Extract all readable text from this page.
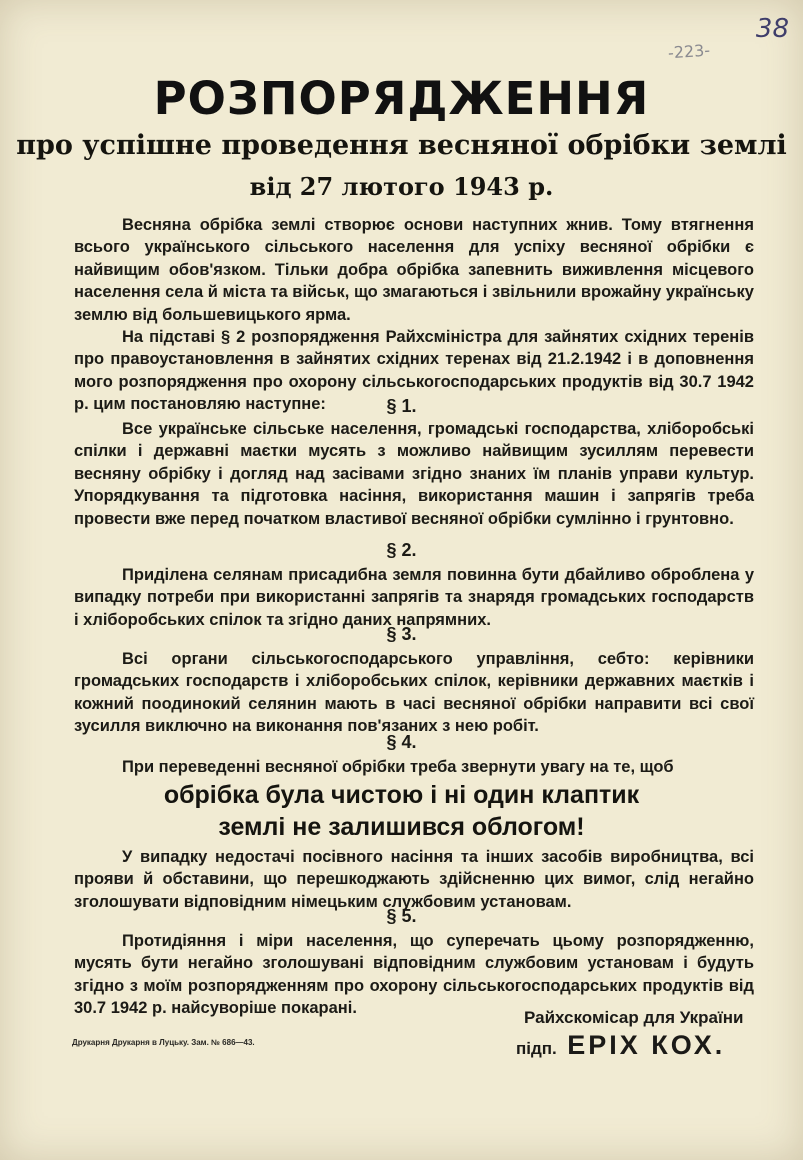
38
-223-
РОЗПОРЯДЖЕННЯ
про успішне проведення весняної обрібки землі
від 27 лютого 1943 р.

Весняна обрібка землі створює основи наступних жнив. Тому втягнення всього українського сільського населення для успіху весняної обрібки є найвищим обов'язком. Тільки добра обрібка запевнить виживлення місцевого населення села й міста та військ, що змагаються і звільнили врожайну українську землю від большевицького ярма.

На підставі § 2 розпорядження Райхсміністра для зайнятих східних теренів про правоустановлення в зайнятих східних теренах від 21.2.1942 і в доповнення мого розпорядження про охорону сільськогосподарських продуктів від 30.7 1942 р. цим постановляю наступне:	§ 1.

Все українське сільське населення, громадські господарства, хліборобські спілки і державні маєтки мусять з можливо найвищим зусиллям перевести весняну обрібку і догляд над засівами згідно знаних їм планів управи культур. Упорядкування та підготовка насіння, використання машин і запрягів треба провести вже перед початком властивої весняної обрібки сумлінно і грунтовно.

§ 2.

Приділена селянам присадибна земля повинна бути дбайливо оброблена у випадку потреби при використанні запрягів та знарядя громадських господарств і хліборобських спілок та згідно даних напрямних.

§ 3.

Всі органи сільськогосподарського управління, себто: керівники громадських господарств і хліборобських спілок, керівники державних маєтків і кожний поодинокий селянин мають в часі весняної обрібки направити всі свої зусилля виключно на виконання пов'язаних з нею робіт.

§ 4.

При переведенні весняної обрібки треба звернути увагу на те, щоб

обрібка була чистою і ні один клаптик
землі не залишився облогом!

У випадку недостачі посівного насіння та інших засобів виробництва, всі прояви й обставини, що перешкоджають здійсненню цих вимог, слід негайно зголошувати відповідним німецьким службовим установам.

§ 5.

Протидіяння і міри населення, що суперечать цьому розпорядженню, мусять бути негайно зголошувані відповідним службовим установам і будуть згідно з моїм розпорядженням про охорону сільськогосподарських продуктів від 30.7 1942 р. найсуворіше покарані.

Друкарня Друкарня в Луцьку. Зам. № 686—43.
Райхскомісар для України
підп. ЕРІХ КОХ.
